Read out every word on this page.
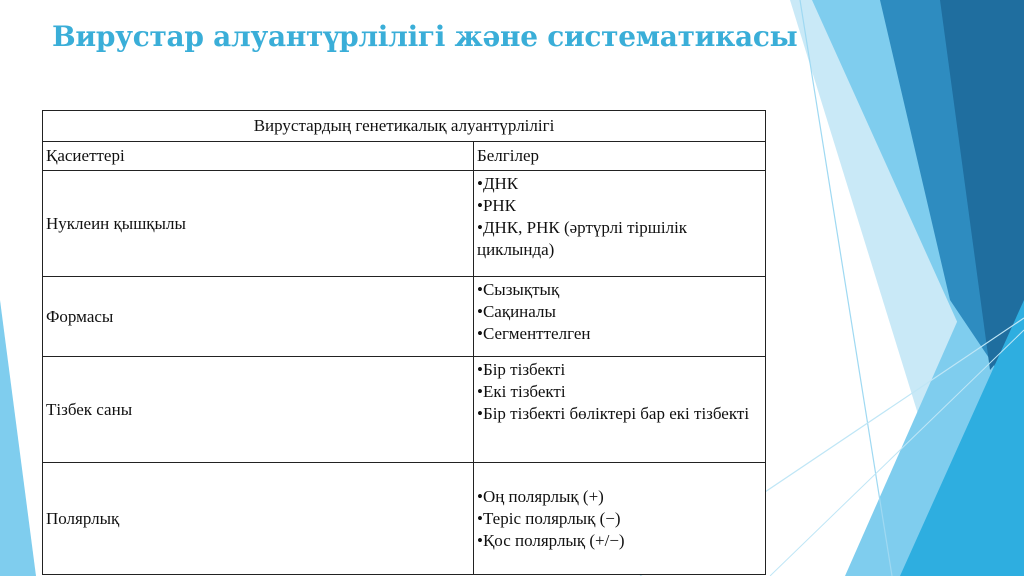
Вирустар алуантүрлілігі және систематикасы
Вирустардың генетикалық алуантүрлілігі	
Қасиеттері	Белгілер
Нуклеин қышқылы	• ДНК
• РНК
• ДНК, РНК (әртүрлі тіршілік циклында)

Формасы	• Сызықтық
• Сақиналы
• Сегменттелген

Тізбек саны	• Бір тізбекті
• Екі тізбекті
• Бір тізбекті бөліктері бар екі тізбекті

Полярлық	• Оң полярлық (+)
• Теріс полярлық (−)
• Қос полярлық (+/−)
